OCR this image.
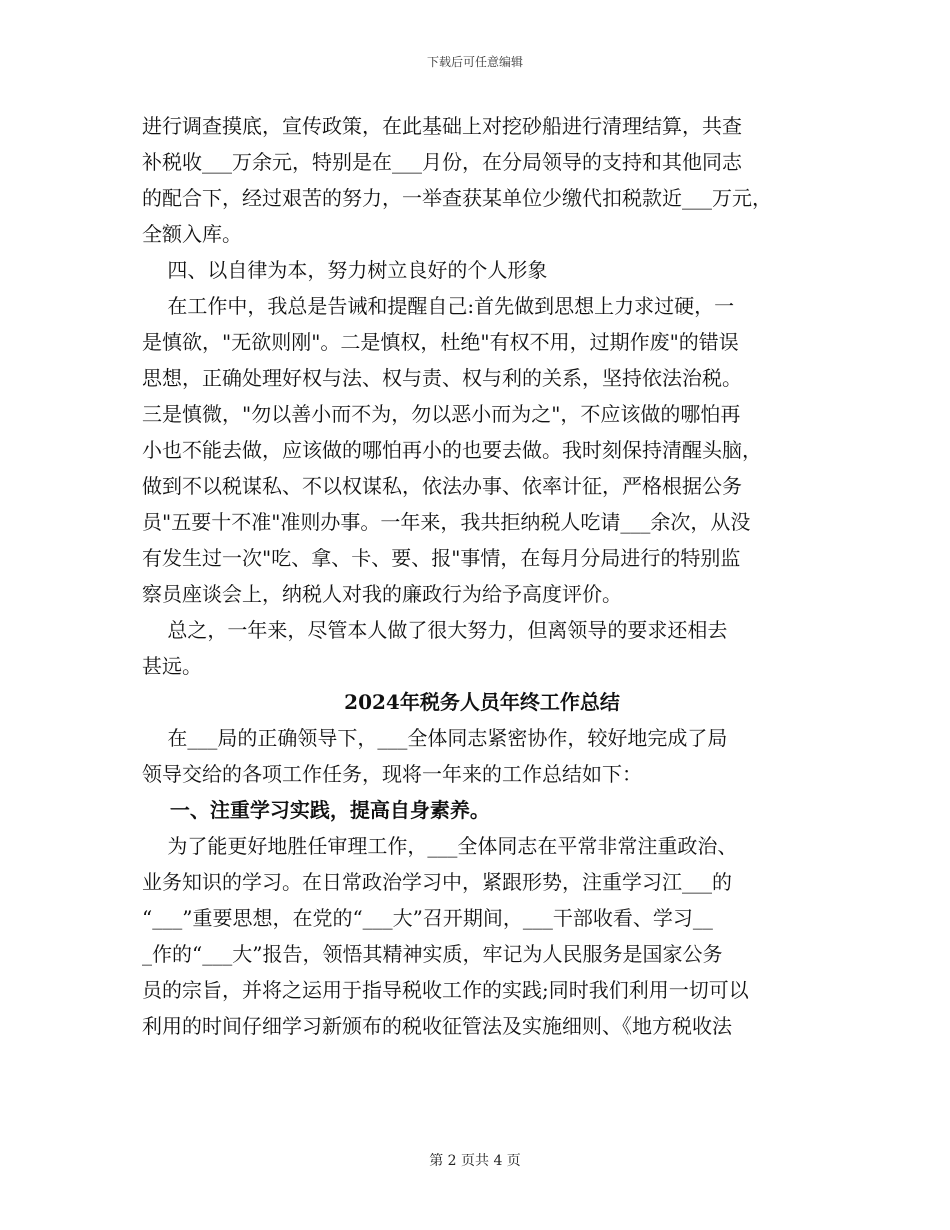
下载后可任意编辑
进行调查摸底，宣传政策，在此基础上对挖砂船进行清理结算，共查
补税收___万余元，特别是在___月份，在分局领导的支持和其他同志
的配合下，经过艰苦的努力，一举查获某单位少缴代扣税款近___万元，
全额入库。
四、以自律为本，努力树立良好的个人形象
在工作中，我总是告诫和提醒自己:首先做到思想上力求过硬，一
是慎欲，"无欲则刚"。二是慎权，杜绝"有权不用，过期作废"的错误
思想，正确处理好权与法、权与责、权与利的关系，坚持依法治税。
三是慎微，"勿以善小而不为，勿以恶小而为之"，不应该做的哪怕再
小也不能去做，应该做的哪怕再小的也要去做。我时刻保持清醒头脑，
做到不以税谋私、不以权谋私，依法办事、依率计征，严格根据公务
员"五要十不准"准则办事。一年来，我共拒纳税人吃请___余次，从没
有发生过一次"吃、拿、卡、要、报"事情，在每月分局进行的特别监
察员座谈会上，纳税人对我的廉政行为给予高度评价。
总之，一年来，尽管本人做了很大努力，但离领导的要求还相去
甚远。
2024年税务人员年终工作总结
在___局的正确领导下，___全体同志紧密协作，较好地完成了局
领导交给的各项工作任务，现将一年来的工作总结如下：
一、注重学习实践，提高自身素养。
为了能更好地胜任审理工作，___全体同志在平常非常注重政治、
业务知识的学习。在日常政治学习中，紧跟形势，注重学习江___的
“___”重要思想，在党的“___大”召开期间，___干部收看、学习__
_作的“___大”报告，领悟其精神实质，牢记为人民服务是国家公务
员的宗旨，并将之运用于指导税收工作的实践;同时我们利用一切可以
利用的时间仔细学习新颁布的税收征管法及实施细则、《地方税收法
第 2 页共 4 页
